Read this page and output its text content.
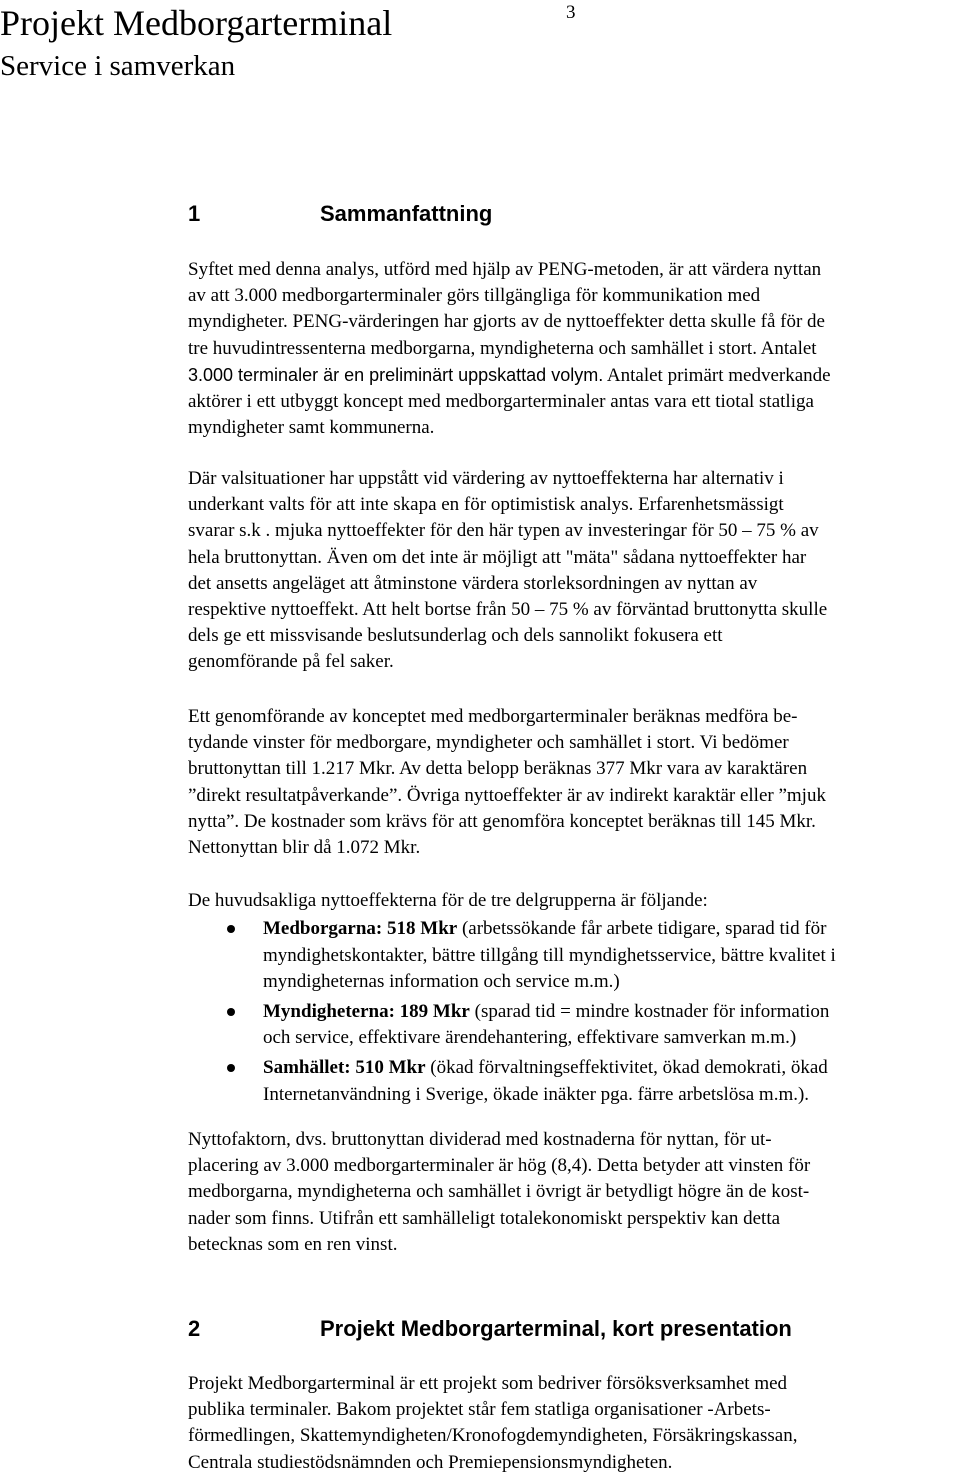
Projekt Medborgarterminal
Service i samverkan
3
1	Sammanfattning
Syftet med denna analys, utförd med hjälp av PENG-metoden, är att värdera nyttan
av att 3.000 medborgarterminaler görs tillgängliga för kommunikation med
myndigheter. PENG-värderingen har gjorts av de nyttoeffekter detta skulle få för de
tre huvudintressenterna medborgarna, myndigheterna och samhället i stort. Antalet
3.000 terminaler är en preliminärt uppskattad volym. Antalet primärt medverkande
aktörer i ett utbyggt koncept med medborgarterminaler antas vara ett tiotal statliga
myndigheter samt kommunerna.
Där valsituationer har uppstått vid värdering av nyttoeffekterna har alternativ i
underkant valts för att inte skapa en för optimistisk analys. Erfarenhetsmässigt
svarar s.k . mjuka nyttoeffekter för den här typen av investeringar för 50 – 75 % av
hela bruttonyttan. Även om det inte är möjligt att "mäta" sådana nyttoeffekter har
det ansetts angeläget att åtminstone värdera storleksordningen av nyttan av
respektive nyttoeffekt. Att helt bortse från 50 – 75 % av förväntad bruttonytta skulle
dels ge ett missvisande beslutsunderlag och dels sannolikt fokusera ett
genomförande på fel saker.
Ett genomförande av konceptet med medborgarterminaler beräknas medföra be-
tydande vinster för medborgare, myndigheter och samhället i stort. Vi bedömer
bruttonyttan till 1.217 Mkr. Av detta belopp beräknas 377 Mkr vara av karaktären
”direkt resultatpåverkande”. Övriga nyttoeffekter är av indirekt karaktär eller ”mjuk
nytta”. De kostnader som krävs för att genomföra konceptet beräknas till 145 Mkr.
Nettonyttan blir då 1.072 Mkr.
De huvudsakliga nyttoeffekterna för de tre delgrupperna är följande:
Medborgarna: 518 Mkr (arbetssökande får arbete tidigare, sparad tid för
myndighetskontakter, bättre tillgång till myndighetsservice, bättre kvalitet i
myndigheternas information och service m.m.)
Myndigheterna: 189 Mkr (sparad tid = mindre kostnader för information
och service, effektivare ärendehantering, effektivare samverkan m.m.)
Samhället: 510 Mkr (ökad förvaltningseffektivitet, ökad demokrati, ökad
Internetanvändning i Sverige, ökade inäkter pga. färre arbetslösa m.m.).
Nyttofaktorn, dvs. bruttonyttan dividerad med kostnaderna för nyttan, för ut-
placering av 3.000 medborgarterminaler är hög (8,4). Detta betyder att vinsten för
medborgarna, myndigheterna och samhället i övrigt är betydligt högre än de kost-
nader som finns. Utifrån ett samhälleligt totalekonomiskt perspektiv kan detta
betecknas som en ren vinst.
2	Projekt Medborgarterminal, kort presentation
Projekt Medborgarterminal är ett projekt som bedriver försöksverksamhet med
publika terminaler. Bakom projektet står fem statliga organisationer -Arbets-
förmedlingen, Skattemyndigheten/Kronofogdemyndigheten, Försäkringskassan,
Centrala studiestödsnämnden och Premiepensionsmyndigheten.
